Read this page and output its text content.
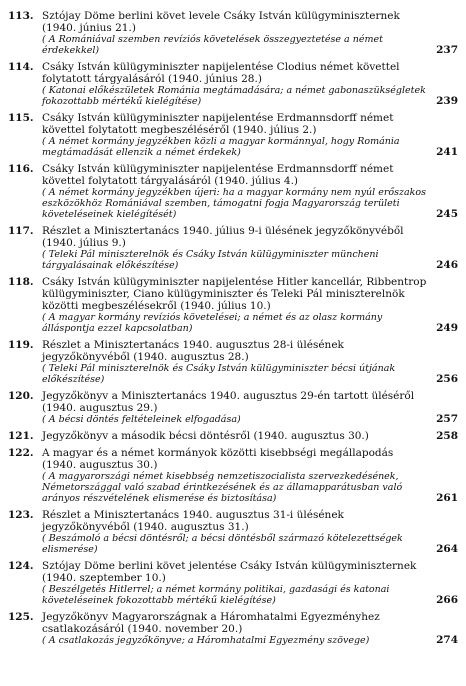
113. Sztójay Döme berlini követ levele Csáky István külügyminiszternek (1940. június 21.)
( A Romániával szemben revíziós követelések összegyeztetése a német érdekekkel)	237
114. Csáky István külügyminiszter napijelentése Clodius német követtel folytatott tárgyalásáról (1940. június 28.)
( Katonai előkészületek Románia megtámadására; a német gabonaszükségletek fokozottabb mértékű kielégítése)	239
115. Csáky István külügyminiszter napijelentése Erdmannsdorff német követtel folytatott megbeszéléséről (1940. július 2.)
( A német kormány jegyzékben közli a magyar kormánnyal, hogy Románia megtámadását ellenzik a német érdekek)	241
116. Csáky István külügyminiszter napijelentése Erdmannsdorff német követtel folytatott tárgyalásáról (1940. július 4.)
( A német kormány jegyzékben újeri: ha a magyar kormány nem nyúl erőszakos eszközökhöz Romániával szemben, támogatni fogja Magyarország területi követeléseinek kielégítését)	245
117. Részlet a Minisztertanács 1940. július 9-i ülésének jegyzőkönyvéből (1940. július 9.)
( Teleki Pál miniszterelnök és Csáky István külügyminiszter müncheni tárgyalásainak előkészítése)	246
118. Csáky István külügyminiszter napijelentése Hitler kancellár, Ribbentrop külügyminiszter, Ciano külügyminiszter és Teleki Pál miniszterelnök közötti megbeszélésekről (1940. július 10.)
( A magyar kormány revíziós követelései; a német és az olasz kormány álláspontja ezzel kapcsolatban)	249
119. Részlet a Minisztertanács 1940. augusztus 28-i ülésének jegyzőkönyvéből (1940. augusztus 28.)
( Teleki Pál miniszterelnök és Csáky István külügyminiszter bécsi útjának előkészítése)	256
120. Jegyzőkönyv a Minisztertanács 1940. augusztus 29-én tartott üléséről (1940. augusztus 29.)
( A bécsi döntés feltételeinek elfogadása)	257
121. Jegyzőkönyv a második bécsi döntésről (1940. augusztus 30.)	258
122. A magyar és a német kormányok közötti kisebbségi megállapodás (1940. augusztus 30.)
( A magyarországi német kisebbség nemzetiszocialista szervezkedésének, Németországgal való szabad érintkezésének és az államapparátusban való arányos részvételének elismerése és biztosítása)	261
123. Részlet a Minisztertanács 1940. augusztus 31-i ülésének jegyzőkönyvéből (1940. augusztus 31.)
( Beszámoló a bécsi döntésről; a bécsi döntésből származó kötelezettségek elismerése)	264
124. Sztójay Döme berlini követ jelentése Csáky István külügyminiszternek (1940. szeptember 10.)
( Beszélgetés Hitlerrel; a német kormány politikai, gazdasági és katonai követeléseinek fokozottabb mértékű kielégítése)	266
125. Jegyzőkönyv Magyarországnak a Háromhatalmi Egyezményhez csatlakozásáról (1940. november 20.)
( A csatlakozás jegyzőkönyve; a Háromhatalmi Egyezmény szövege)	274
